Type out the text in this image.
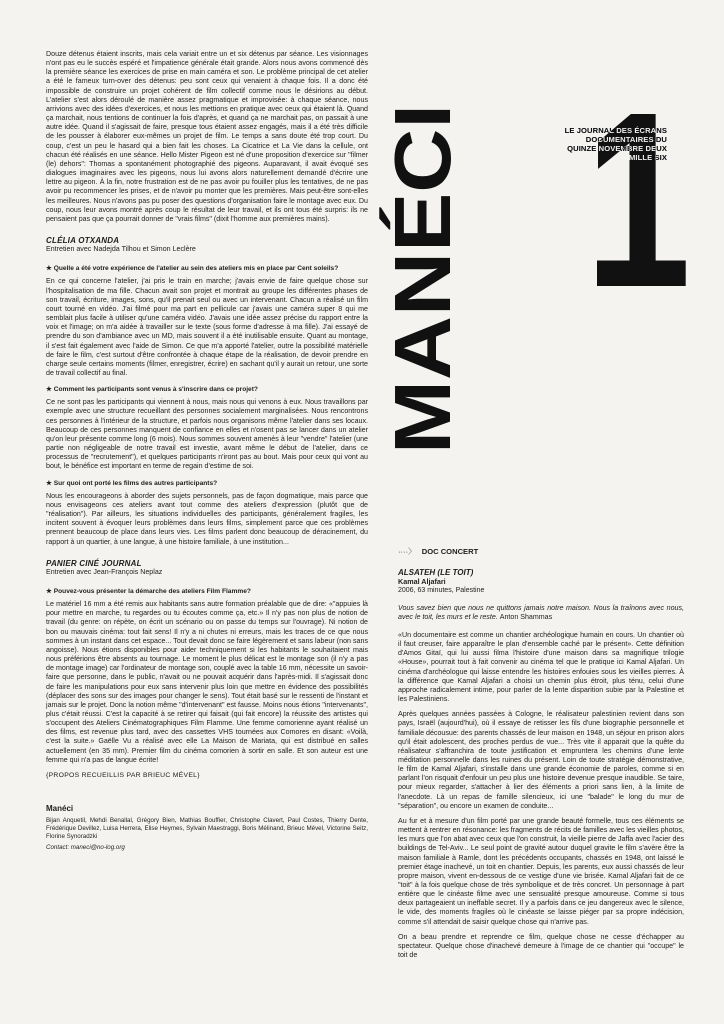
Douze détenus étaient inscrits, mais cela variait entre un et six détenus par séance. Les visionnages n'ont pas eu le succès espéré et l'impatience générale était grande. Alors nous avons commencé dès la première séance les exercices de prise en main caméra et son. Le problème principal de cet atelier a été le fameux turn-over des détenus: peu sont ceux qui venaient à chaque fois. Il a donc été impossible de construire un projet cohérent de film collectif comme nous le désirions au début. L'atelier s'est alors déroulé de manière assez pragmatique et improvisée: à chaque séance, nous arrivions avec des idées d'exercices, et nous les mettions en pratique avec ceux qui étaient là. Quand ça marchait, nous tentions de continuer la fois d'après, et quand ça ne marchait pas, on passait à une autre idée. Quand il s'agissait de faire, presque tous étaient assez engagés, mais il a été très difficile de les pousser à élaborer eux-mêmes un projet de film. Le temps a sans doute été trop court. Du coup, c'est un peu le hasard qui a bien fait les choses. La Cicatrice et La Vie dans la cellule, ont chacun été réalisés en une séance. Hello Mister Pigeon est né d'une proposition d'exercice sur "filmer (le) dehors": Thomas a spontanément photographié des pigeons. Auparavant, il avait évoqué ses dialogues imaginaires avec les pigeons, nous lui avons alors naturellement demandé d'écrire une lettre au pigeon. À la fin, notre frustration est de ne pas avoir pu fouiller plus les tentatives, de ne pas avoir pu recommencer les prises, et de n'avoir pu monter que les premières. Mais peut-être sont-elles les meilleures. Nous n'avons pas pu poser des questions d'organisation faire le montage avec eux. Du coup, nous leur avons montré après coup le résultat de leur travail, et ils ont tous été surpris: ils ne pensaient pas que ça pourrait donner de "vrais films" (dixit l'homme aux premières mains).

CLÉLIA OTXANDA
Entretien avec Nadejda Tilhou et Simon Leclère
★ Quelle a été votre expérience de l'atelier au sein des ateliers mis en place par Cent soleils?

En ce qui concerne l'atelier, j'ai pris le train en marche; j'avais envie de faire quelque chose sur l'hospitalisation de ma fille. Chacun avait son projet et montrait au groupe les différentes phases de son travail, écriture, images, sons, qu'il prenait seul ou avec un intervenant. Chacun a réalisé un film court tourné en vidéo. J'ai filmé pour ma part en pellicule car j'avais une caméra super 8 qui me semblait plus facile à utiliser qu'une caméra vidéo. J'avais une idée assez précise du rapport entre la voix et l'image; on m'a aidée à travailler sur le texte (sous forme d'adresse à ma fille). J'ai essayé de prendre du son d'ambiance avec un MD, mais souvent il a été inutilisable ensuite. Quant au montage, il s'est fait également avec l'aide de Simon. Ce que m'a apporté l'atelier, outre la possibilité matérielle de faire le film, c'est surtout d'être confrontée à chaque étape de la réalisation, de devoir prendre en charge seule certains moments (filmer, enregistrer, écrire) en sachant qu'il y aurait un retour, une sorte de travail collectif au final.

★ Comment les participants sont venus à s'inscrire dans ce projet?

Ce ne sont pas les participants qui viennent à nous, mais nous qui venons à eux. Nous travaillons par exemple avec une structure recueillant des personnes socialement marginalisées. Nous rencontrons ces personnes à l'intérieur de la structure, et parfois nous organisons même l'atelier dans ses locaux. Beaucoup de ces personnes manquent de confiance en elles et n'osent pas se lancer dans un atelier qu'on leur présente comme long (6 mois). Nous sommes souvent amenés à leur "vendre" l'atelier (une partie non négligeable de notre travail est investie, avant même le début de l'atelier, dans ce processus de "recrutement"), et quelques participants n'iront pas au bout. Mais pour ceux qui vont au bout, le bénéfice est important en terme de regain d'estime de soi.

★ Sur quoi ont porté les films des autres participants?

Nous les encourageons à aborder des sujets personnels, pas de façon dogmatique, mais parce que nous envisageons ces ateliers avant tout comme des ateliers d'expression (plutôt que de "réalisation"). Par ailleurs, les situations individuelles des participants, généralement fragiles, les incitent souvent à évoquer leurs problèmes dans leurs films, simplement parce que ces problèmes prennent beaucoup de place dans leurs vies. Les films parlent donc beaucoup de déracinement, du rapport à un quartier, à une langue, à une histoire familiale, à une institution...

PANIER CINÉ JOURNAL
Entretien avec Jean-François Neplaz
★ Pouvez-vous présenter la démarche des ateliers Film Flamme?

Le matériel 16 mm a été remis aux habitants sans autre formation préalable que de dire: «"appuies là pour mettre en marche, tu regardes ou tu écoutes comme ça, etc.» Il n'y pas non plus de notion de travail (du genre: on répète, on écrit un scénario ou on passe du temps sur l'ouvrage). Ni notion de bon ou mauvais cinéma: tout fait sens! Il n'y a ni chutes ni erreurs, mais les traces de ce que nous sommes à un instant dans cet espace... Tout devait donc se faire légèrement et sans labeur (non sans angoisse). Nous étions disponibles pour aider techniquement si les habitants le souhaitaient mais nous préférions être absents au tournage. Le moment le plus délicat est le montage son (il n'y a pas de montage image) car l'ordinateur de montage son, couplé avec la table 16 mm, nécessite un savoir-faire que personne, dans le public, n'avait ou ne pouvait acquérir dans l'après-midi. Il s'agissait donc de faire les manipulations pour eux sans intervenir plus loin que mettre en évidence des possibilités (déplacer des sons sur des images pour changer le sens). Tout était basé sur le ressenti de l'instant et jamais sur le projet. Donc la notion même "d'intervenant" est fausse. Moins nous étions "intervenants", plus c'était réussi. C'est la capacité à se retirer qui faisait (qui fait encore) la réussite des artistes qui s'occupent des Ateliers Cinématographiques Film Flamme. Une femme comorienne ayant réalisé un des films, est revenue plus tard, avec des cassettes VHS tournées aux Comores en disant: «Voilà, c'est la suite.» Gaëlle Vu a réalisé avec elle La Maison de Mariata, qui est distribué en salles actuellement (en 35 mm). Premier film du cinéma comorien à sortir en salle. Et son auteur est une femme qui n'a pas de langue écrite!

{PROPOS RECUEILLIS PAR BRIEUC MÉVEL}
Manéci
Bijan Anquetil, Mehdi Benallal, Grégory Bien, Mathias Bouffier, Christophe Clavert, Paul Costes, Thierry Dente, Frédérique Devillez, Luisa Herrera, Elise Heymes, Sylvain Maestraggi, Boris Mélinand, Brieuc Mével, Victorine Seitz, Florine Synoradzki
Contact: maneci@no-log.org
MANÉCI 1
LE JOURNAL DES ÉCRANS DOCUMENTAIRES DU QUINZE NOVEMBRE DEUX MILLE SIX
····〉 DOC CONCERT
ALSATEH (LE TOIT)
Kamal Aljafari
2006, 63 minutes, Palestine
Vous savez bien que nous ne quittons jamais notre maison. Nous la traînons avec nous, avec le toit, les murs et le reste. Anton Shammas

«Un documentaire est comme un chantier archéologique humain en cours. Un chantier où il faut creuser, faire apparaître le plan d'ensemble caché par le présent». Cette définition d'Amos Gitaï, qui lui aussi filma l'histoire d'une maison dans sa magnifique trilogie «House», pourrait tout à fait convenir au cinéma tel que le pratique ici Kamal Aljafari. Un cinéma d'archéologue qui laisse entendre les histoires enfouies sous les vieilles pierres. À la différence que Kamal Aljafari a choisi un chemin plus étroit, plus ténu, celui d'une approche radicalement intime, pour parler de la lente disparition subie par la Palestine et les Palestiniens.

Après quelques années passées à Cologne, le réalisateur palestinien revient dans son pays, Israël (aujourd'hui), où il essaye de retisser les fils d'une biographie personnelle et familiale décousue: des parents chassés de leur maison en 1948, un séjour en prison alors qu'il était adolescent, des proches perdus de vue... Très vite il apparait que la quête du réalisateur s'affranchira de toute justification et empruntera les chemins d'une lente méditation personnelle dans les ruines du présent. Loin de toute stratégie démonstrative, le film de Kamal Aljafari, s'installe dans une grande économie de paroles, comme si en parlant l'on risquait d'enfouir un peu plus une histoire devenue presque inaudible. Se taire, pour mieux regarder, s'attacher à lier des éléments a priori sans lien, à la limite de l'anecdote. Là un repas de famille silencieux, ici une "balade" le long du mur de "séparation", ou encore un examen de conduite...

Au fur et à mesure d'un film porté par une grande beauté formelle, tous ces éléments se mettent à rentrer en résonance: les fragments de récits de familles avec les vieilles photos, les murs que l'on abat avec ceux que l'on construit, la vieille pierre de Jaffa avec l'acier des buildings de Tel-Aviv... Le seul point de gravité autour duquel gravite le film s'avère être la maison familiale à Ramle, dont les précédents occupants, chassés en 1948, ont laissé le premier étage inachevé, un toit en chantier. Depuis, les parents, eux aussi chassés de leur propre maison, vivent en-dessous de ce vestige d'une vie brisée. Kamal Aljafari fait de ce "toit" à la fois quelque chose de très symbolique et de très concret. Un personnage à part entière que le cinéaste filme avec une sensualité presque amoureuse. Comme si tous deux partageaient un ineffable secret. Il y a parfois dans ce jeu dangereux avec le silence, le vide, des moments fragiles où le cinéaste se laisse piéger par sa propre indécision, comme s'il attendait de saisir quelque chose qui n'arrive pas.

On a beau prendre et reprendre ce film, quelque chose ne cesse d'échapper au spectateur. Quelque chose d'inachevé demeure à l'image de ce chantier qui "occupe" le toit de
